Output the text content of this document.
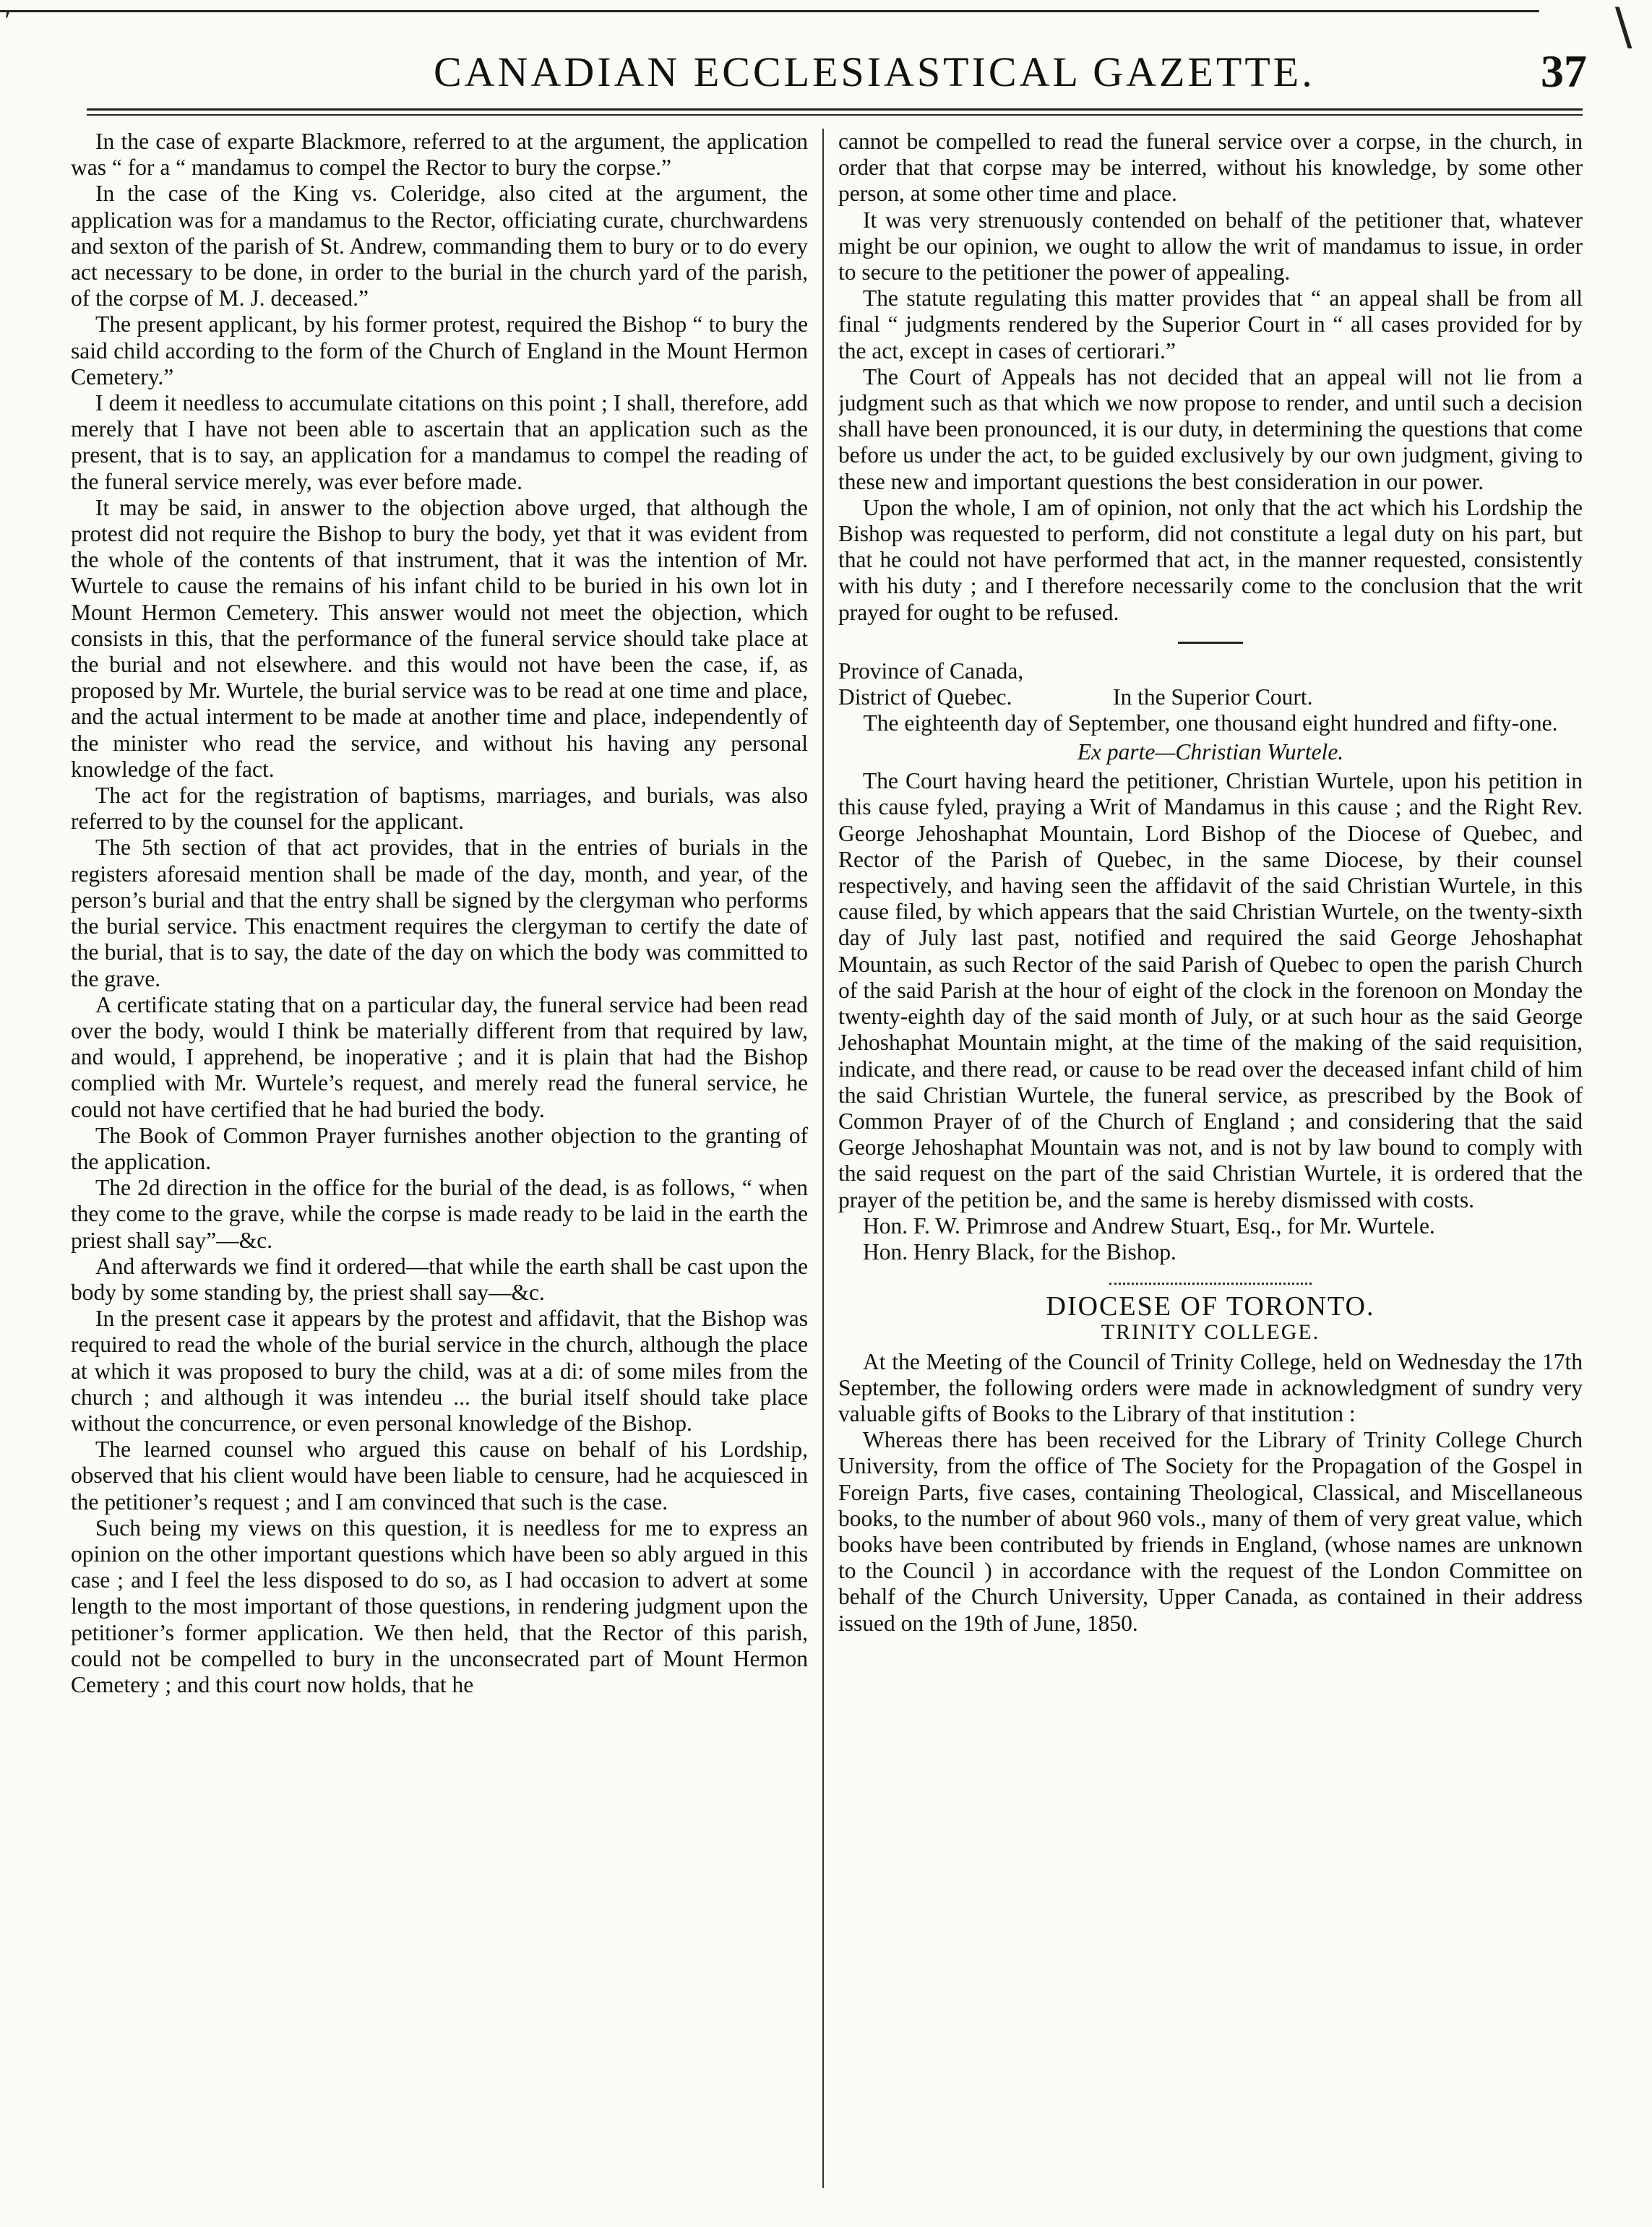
′	∖
CANADIAN ECCLESIASTICAL GAZETTE.	37

In the case of exparte Blackmore, referred to at the argument, the application was “ for a “ mandamus to compel the Rector to bury the corpse.”

In the case of the King vs. Coleridge, also cited at the argument, the application was for a mandamus to the Rector, officiating curate, churchwardens and sexton of the parish of St. Andrew, commanding them to bury or to do every act necessary to be done, in order to the burial in the church yard of the parish, of the corpse of M. J. deceased.”

The present applicant, by his former protest, required the Bishop “ to bury the said child according to the form of the Church of England in the Mount Hermon Cemetery.”

I deem it needless to accumulate citations on this point ; I shall, therefore, add merely that I have not been able to ascertain that an application such as the present, that is to say, an application for a mandamus to compel the reading of the funeral service merely, was ever before made.

It may be said, in answer to the objection above urged, that although the protest did not require the Bishop to bury the body, yet that it was evident from the whole of the contents of that instrument, that it was the intention of Mr. Wurtele to cause the remains of his infant child to be buried in his own lot in Mount Hermon Cemetery. This answer would not meet the objection, which consists in this, that the performance of the funeral service should take place at the burial and not elsewhere. and this would not have been the case, if, as proposed by Mr. Wurtele, the burial service was to be read at one time and place, and the actual interment to be made at another time and place, independently of the minister who read the service, and without his having any personal knowledge of the fact.

The act for the registration of baptisms, marriages, and burials, was also referred to by the counsel for the applicant.

The 5th section of that act provides, that in the entries of burials in the registers aforesaid mention shall be made of the day, month, and year, of the person’s burial and that the entry shall be signed by the clergyman who performs the burial service. This enactment requires the clergyman to certify the date of the burial, that is to say, the date of the day on which the body was committed to the grave.

A certificate stating that on a particular day, the funeral service had been read over the body, would I think be materially different from that required by law, and would, I apprehend, be inoperative ; and it is plain that had the Bishop complied with Mr. Wurtele’s request, and merely read the funeral service, he could not have certified that he had buried the body.

The Book of Common Prayer furnishes another objection to the granting of the application.

The 2d direction in the office for the burial of the dead, is as follows, “ when they come to the grave, while the corpse is made ready to be laid in the earth the priest shall say”—&c.

And afterwards we find it ordered—that while the earth shall be cast upon the body by some standing by, the priest shall say—&c.

In the present case it appears by the protest and affidavit, that the Bishop was required to read the whole of the burial service in the church, although the place at which it was proposed to bury the child, was at a di: of some miles from the church ; and although it was intendeu ... the burial itself should take place without the concurrence, or even personal knowledge of the Bishop.

The learned counsel who argued this cause on behalf of his Lordship, observed that his client would have been liable to censure, had he acquiesced in the petitioner’s request ; and I am convinced that such is the case.

Such being my views on this question, it is needless for me to express an opinion on the other important questions which have been so ably argued in this case ; and I feel the less disposed to do so, as I had occasion to advert at some length to the most important of those questions, in rendering judgment upon the petitioner’s former application. We then held, that the Rector of this parish, could not be compelled to bury in the unconsecrated part of Mount Hermon Cemetery ; and this court now holds, that he

cannot be compelled to read the funeral service over a corpse, in the church, in order that that corpse may be interred, without his knowledge, by some other person, at some other time and place.

It was very strenuously contended on behalf of the petitioner that, whatever might be our opinion, we ought to allow the writ of mandamus to issue, in order to secure to the petitioner the power of appealing.

The statute regulating this matter provides that “ an appeal shall be from all final “ judgments rendered by the Superior Court in “ all cases provided for by the act, except in cases of certiorari.”

The Court of Appeals has not decided that an appeal will not lie from a judgment such as that which we now propose to render, and until such a decision shall have been pronounced, it is our duty, in determining the questions that come before us under the act, to be guided exclusively by our own judgment, giving to these new and important questions the best consideration in our power.

Upon the whole, I am of opinion, not only that the act which his Lordship the Bishop was requested to perform, did not constitute a legal duty on his part, but that he could not have performed that act, in the manner requested, consistently with his duty ; and I therefore necessarily come to the conclusion that the writ prayed for ought to be refused.

Province of Canada,
District of Quebec.	In the Superior Court.

The eighteenth day of September, one thousand eight hundred and fifty-one.

Ex parte—Christian Wurtele.

The Court having heard the petitioner, Christian Wurtele, upon his petition in this cause fyled, praying a Writ of Mandamus in this cause ; and the Right Rev. George Jehoshaphat Mountain, Lord Bishop of the Diocese of Quebec, and Rector of the Parish of Quebec, in the same Diocese, by their counsel respectively, and having seen the affidavit of the said Christian Wurtele, in this cause filed, by which appears that the said Christian Wurtele, on the twenty-sixth day of July last past, notified and required the said George Jehoshaphat Mountain, as such Rector of the said Parish of Quebec to open the parish Church of the said Parish at the hour of eight of the clock in the forenoon on Monday the twenty-eighth day of the said month of July, or at such hour as the said George Jehoshaphat Mountain might, at the time of the making of the said requisition, indicate, and there read, or cause to be read over the deceased infant child of him the said Christian Wurtele, the funeral service, as prescribed by the Book of Common Prayer of of the Church of England ; and considering that the said George Jehoshaphat Mountain was not, and is not by law bound to comply with the said request on the part of the said Christian Wurtele, it is ordered that the prayer of the petition be, and the same is hereby dismissed with costs.

Hon. F. W. Primrose and Andrew Stuart, Esq., for Mr. Wurtele.

Hon. Henry Black, for the Bishop.

DIOCESE OF TORONTO.
TRINITY COLLEGE.

At the Meeting of the Council of Trinity College, held on Wednesday the 17th September, the following orders were made in acknowledgment of sundry very valuable gifts of Books to the Library of that institution :

Whereas there has been received for the Library of Trinity College Church University, from the office of The Society for the Propagation of the Gospel in Foreign Parts, five cases, containing Theological, Classical, and Miscellaneous books, to the number of about 960 vols., many of them of very great value, which books have been contributed by friends in England, (whose names are unknown to the Council ) in accordance with the request of the London Committee on behalf of the Church University, Upper Canada, as contained in their address issued on the 19th of June, 1850.
